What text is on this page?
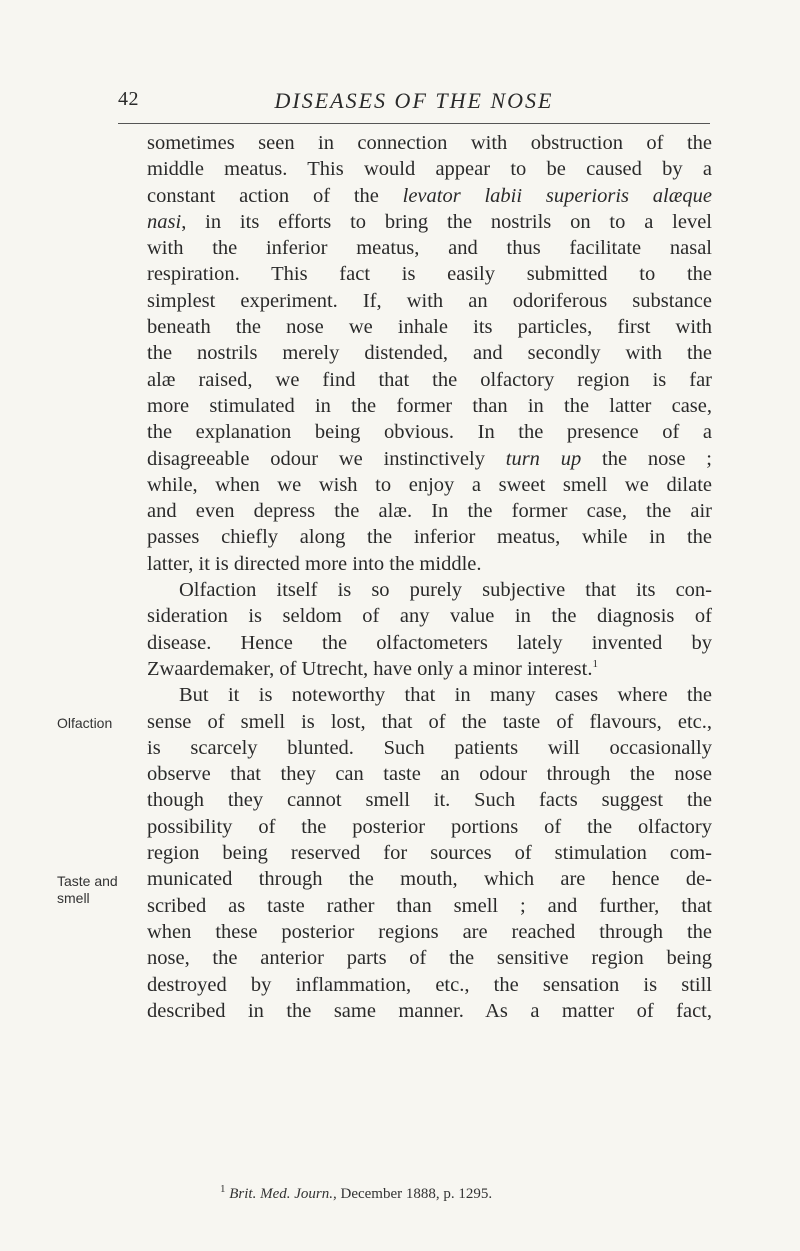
42	DISEASES OF THE NOSE
Olfaction
Taste and
smell
sometimes seen in connection with obstruction of the
middle meatus. This would appear to be caused by a
constant action of the levator labii superioris alæque
nasi, in its efforts to bring the nostrils on to a level
with the inferior meatus, and thus facilitate nasal
respiration. This fact is easily submitted to the
simplest experiment. If, with an odoriferous substance
beneath the nose we inhale its particles, first with
the nostrils merely distended, and secondly with the
alæ raised, we find that the olfactory region is far
more stimulated in the former than in the latter case,
the explanation being obvious. In the presence of a
disagreeable odour we instinctively turn up the nose ;
while, when we wish to enjoy a sweet smell we dilate
and even depress the alæ. In the former case, the air
passes chiefly along the inferior meatus, while in the
latter, it is directed more into the middle.
Olfaction itself is so purely subjective that its con-
sideration is seldom of any value in the diagnosis of
disease. Hence the olfactometers lately invented by
Zwaardemaker, of Utrecht, have only a minor interest.$^1$
But it is noteworthy that in many cases where the
sense of smell is lost, that of the taste of flavours, etc.,
is scarcely blunted. Such patients will occasionally
observe that they can taste an odour through the nose
though they cannot smell it. Such facts suggest the
possibility of the posterior portions of the olfactory
region being reserved for sources of stimulation com-
municated through the mouth, which are hence de-
scribed as taste rather than smell ; and further, that
when these posterior regions are reached through the
nose, the anterior parts of the sensitive region being
destroyed by inflammation, etc., the sensation is still
described in the same manner. As a matter of fact,
$^1$ Brit. Med. Journ., December 1888, p. 1295.
